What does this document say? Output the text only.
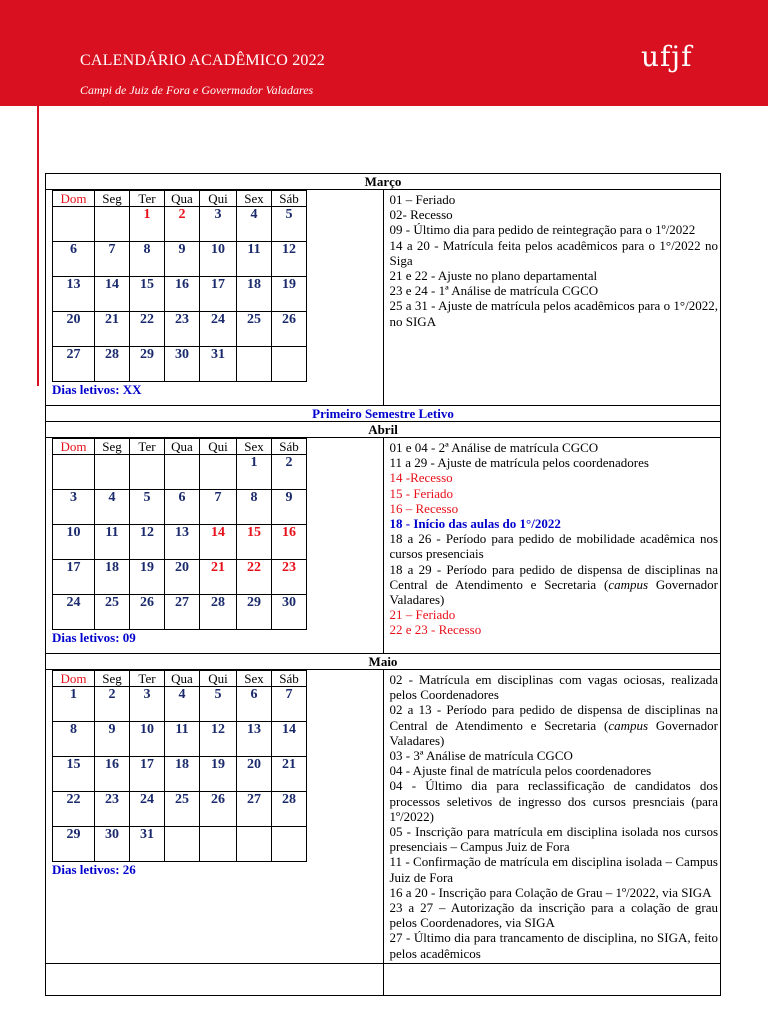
CALENDÁRIO ACADÊMICO 2022
Campi de Juiz de Fora e Govermador Valadares
ufjf
Março

Dom	Seg	Ter	Qua	Qui	Sex	Sáb
		1	2	3	4	5
6	7	8	9	10	11	12
13	14	15	16	17	18	19
20	21	22	23	24	25	26
27	28	29	30	31		
Dias letivos: XX

01 – Feriado
02- Recesso
09 - Último dia para pedido de reintegração para o 1º/2022
14 a 20 - Matrícula feita pelos acadêmicos para o 1°/2022 no Siga
21 e 22 - Ajuste no plano departamental
23 e 24 - 1ª Análise de matrícula CGCO
25 a 31 - Ajuste de matrícula pelos acadêmicos para o 1°/2022, no SIGA

Primeiro Semestre Letivo
Abril

Dom	Seg	Ter	Qua	Qui	Sex	Sáb
					1	2
3	4	5	6	7	8	9
10	11	12	13	14	15	16
17	18	19	20	21	22	23
24	25	26	27	28	29	30
Dias letivos: 09

01 e 04 - 2ª Análise de matrícula CGCO
11 a 29 - Ajuste de matrícula pelos coordenadores
14 -Recesso
15 - Feriado
16 – Recesso
18 - Início das aulas do 1°/2022
18 a 26 - Período para pedido de mobilidade acadêmica nos cursos presenciais
18 a 29 - Período para pedido de dispensa de disciplinas na Central de Atendimento e Secretaria (campus Governador Valadares)
21 – Feriado
22 e 23 - Recesso

Maio

Dom	Seg	Ter	Qua	Qui	Sex	Sáb
1	2	3	4	5	6	7
8	9	10	11	12	13	14
15	16	17	18	19	20	21
22	23	24	25	26	27	28
29	30	31				
Dias letivos: 26

02 - Matrícula em disciplinas com vagas ociosas, realizada pelos Coordenadores
02 a 13 - Período para pedido de dispensa de disciplinas na Central de Atendimento e Secretaria (campus Governador Valadares)
03 - 3ª Análise de matrícula CGCO
04 - Ajuste final de matrícula pelos coordenadores
04 - Último dia para reclassificação de candidatos dos processos seletivos de ingresso dos cursos presnciais (para 1º/2022)
05 - Inscrição para matrícula em disciplina isolada nos cursos presenciais – Campus Juiz de Fora
11 - Confirmação de matrícula em disciplina isolada – Campus Juiz de Fora
16 a 20 - Inscrição para Colação de Grau – 1º/2022, via SIGA
23 a 27 – Autorização da inscrição para a colação de grau pelos Coordenadores, via SIGA
27 - Último dia para trancamento de disciplina, no SIGA, feito pelos acadêmicos
